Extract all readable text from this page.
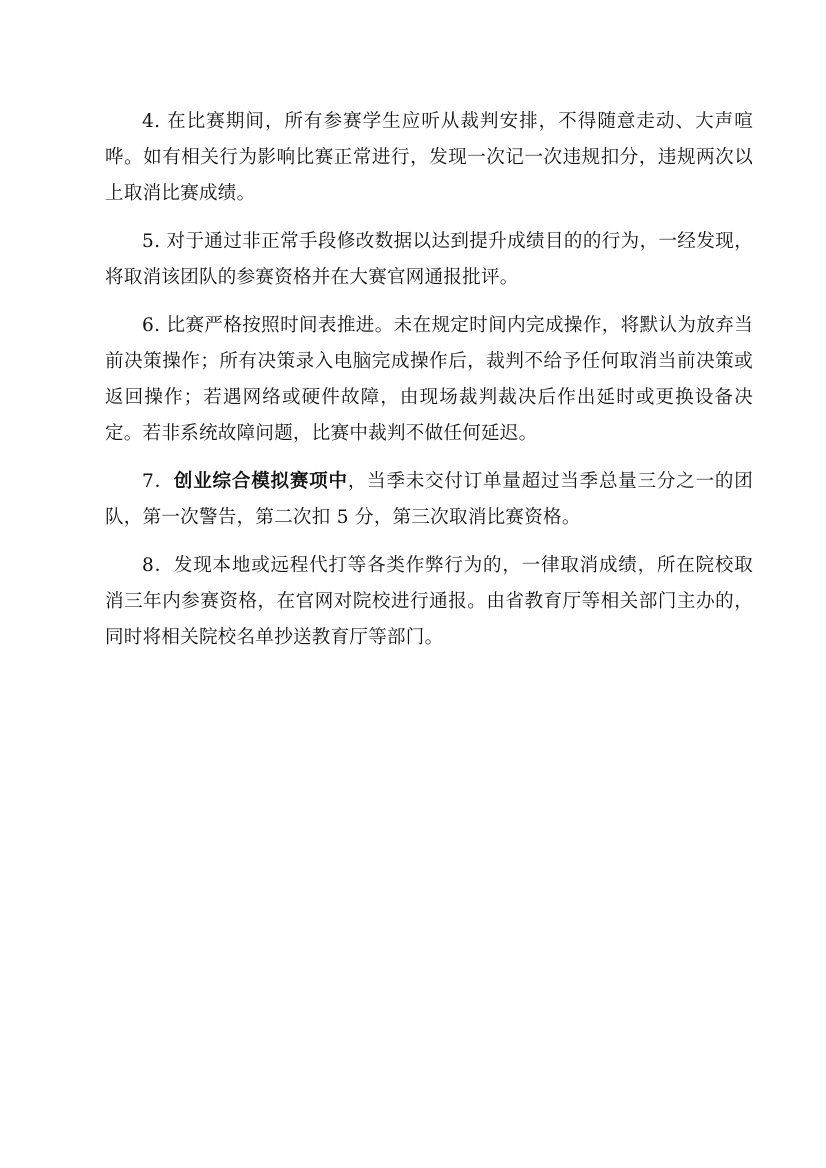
4. 在比赛期间，所有参赛学生应听从裁判安排，不得随意走动、大声喧哗。如有相关行为影响比赛正常进行，发现一次记一次违规扣分，违规两次以上取消比赛成绩。

5. 对于通过非正常手段修改数据以达到提升成绩目的的行为，一经发现，将取消该团队的参赛资格并在大赛官网通报批评。

6. 比赛严格按照时间表推进。未在规定时间内完成操作，将默认为放弃当前决策操作；所有决策录入电脑完成操作后，裁判不给予任何取消当前决策或返回操作；若遇网络或硬件故障，由现场裁判裁决后作出延时或更换设备决定。若非系统故障问题，比赛中裁判不做任何延迟。

7．创业综合模拟赛项中，当季未交付订单量超过当季总量三分之一的团队，第一次警告，第二次扣 5 分，第三次取消比赛资格。

8．发现本地或远程代打等各类作弊行为的，一律取消成绩，所在院校取消三年内参赛资格，在官网对院校进行通报。由省教育厅等相关部门主办的，同时将相关院校名单抄送教育厅等部门。
